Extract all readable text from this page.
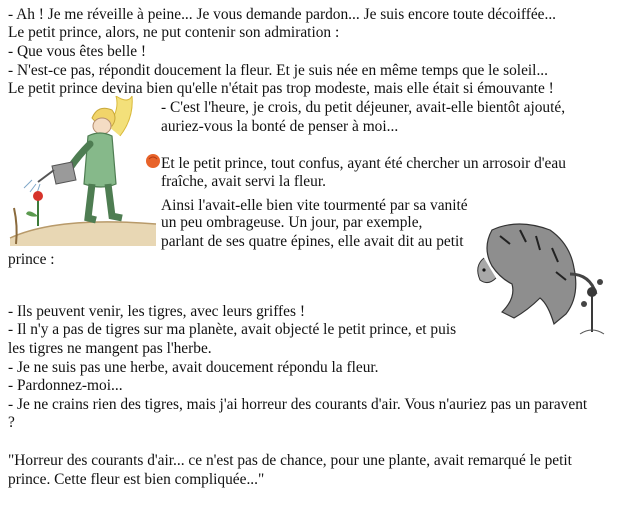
- Ah ! Je me réveille à peine... Je vous demande pardon... Je suis encore toute décoiffée...
Le petit prince, alors, ne put contenir son admiration :
- Que vous êtes belle !
- N'est-ce pas, répondit doucement la fleur. Et je suis née en même temps que le soleil...
Le petit prince devina bien qu'elle n'était pas trop modeste, mais elle était si émouvante !
- C'est l'heure, je crois, du petit déjeuner, avait-elle bientôt ajouté,
auriez-vous la bonté de penser à moi...
Et le petit prince, tout confus, ayant été chercher un arrosoir d'eau
fraîche, avait servi la fleur.
Ainsi l'avait-elle bien vite tourmenté par sa vanité
un peu ombrageuse. Un jour, par exemple,
parlant de ses quatre épines, elle avait dit au petit
prince :
- Ils peuvent venir, les tigres, avec leurs griffes !
- Il n'y a pas de tigres sur ma planète, avait objecté le petit prince, et puis
les tigres ne mangent pas l'herbe.
- Je ne suis pas une herbe, avait doucement répondu la fleur.
- Pardonnez-moi...
- Je ne crains rien des tigres, mais j'ai horreur des courants d'air. Vous n'auriez pas un paravent
?
"Horreur des courants d'air... ce n'est pas de chance, pour une plante, avait remarqué le petit
prince. Cette fleur est bien compliquée..."
